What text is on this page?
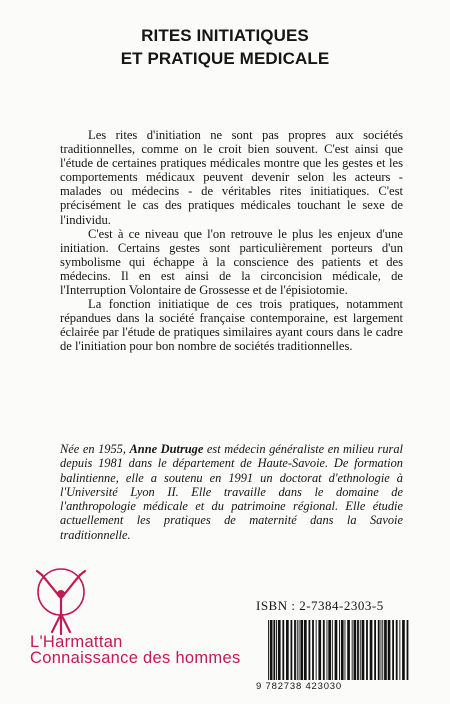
RITES INITIATIQUES
ET PRATIQUE MEDICALE

Les rites d'initiation ne sont pas propres aux sociétés traditionnelles, comme on le croit bien souvent. C'est ainsi que l'étude de certaines pratiques médicales montre que les gestes et les comportements médicaux peuvent devenir selon les acteurs - malades ou médecins - de véritables rites initiatiques. C'est précisément le cas des pratiques médicales touchant le sexe de l'individu.

C'est à ce niveau que l'on retrouve le plus les enjeux d'une initiation. Certains gestes sont particulièrement porteurs d'un symbolisme qui échappe à la conscience des patients et des médecins. Il en est ainsi de la circoncision médicale, de l'Interruption Volontaire de Grossesse et de l'épisiotomie.

La fonction initiatique de ces trois pratiques, notamment répandues dans la société française contemporaine, est largement éclairée par l'étude de pratiques similaires ayant cours dans le cadre de l'initiation pour bon nombre de sociétés traditionnelles.

Née en 1955, Anne Dutruge est médecin généraliste en milieu rural depuis 1981 dans le département de Haute-Savoie. De formation balintienne, elle a soutenu en 1991 un doctorat d'ethnologie à l'Université Lyon II. Elle travaille dans le domaine de l'anthropologie médicale et du patrimoine régional. Elle étudie actuellement les pratiques de maternité dans la Savoie traditionnelle.

L'Harmattan
Connaissance des hommes
ISBN : 2-7384-2303-5
9 782738 423030
